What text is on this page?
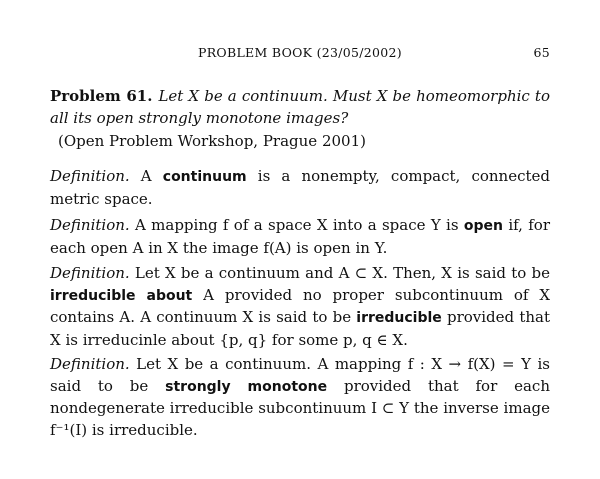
PROBLEM BOOK (23/05/2002)	65
Problem 61. Let X be a continuum. Must X be homeomorphic to all its open strongly monotone images?
(Open Problem Workshop, Prague 2001)
Definition. A continuum is a nonempty, compact, connected metric space.
Definition. A mapping f of a space X into a space Y is open if, for each open A in X the image f(A) is open in Y.
Definition. Let X be a continuum and A ⊂ X. Then, X is said to be irreducible about A provided no proper subcontinuum of X contains A. A continuum X is said to be irreducible provided that X is irreducinle about {p, q} for some p, q ∈ X.
Definition. Let X be a continuum. A mapping f : X → f(X) = Y is said to be strongly monotone provided that for each nondegenerate irreducible subcontinuum I ⊂ Y the inverse image f⁻¹(I) is irreducible.
